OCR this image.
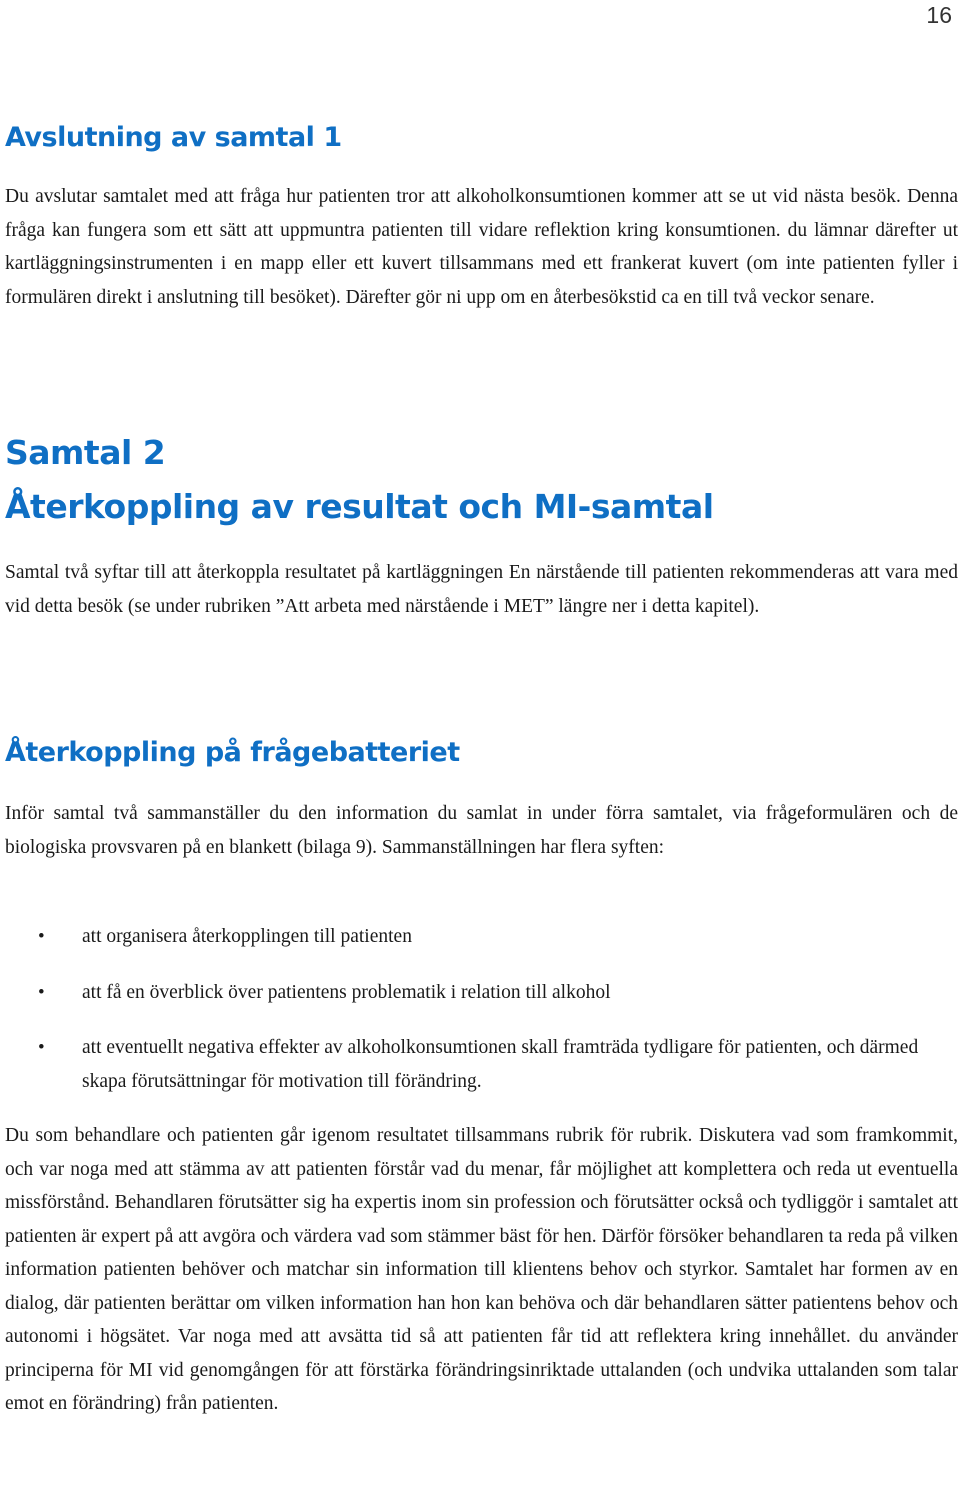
16
Avslutning av samtal 1

Du avslutar samtalet med att fråga hur patienten tror att alkoholkonsumtionen kommer att se ut vid nästa besök. Denna fråga kan fungera som ett sätt att uppmuntra patienten till vidare reflektion kring konsumtionen. du lämnar därefter ut kartläggningsinstrumenten i en mapp eller ett kuvert tillsammans med ett frankerat kuvert (om inte patienten fyller i formulären direkt i anslutning till besöket). Därefter gör ni upp om en återbesökstid ca en till två veckor senare.

Samtal 2
Återkoppling av resultat och MI-samtal

Samtal två syftar till att återkoppla resultatet på kartläggningen En närstående till patienten rekommenderas att vara med vid detta besök (se under rubriken ”Att arbeta med närstående i MET” längre ner i detta kapitel).

Återkoppling på frågebatteriet

Inför samtal två sammanställer du den information du samlat in under förra samtalet, via frågeformulären och de biologiska provsvaren på en blankett (bilaga 9). Sammanställningen har flera syften:

• att organisera återkopplingen till patienten
• att få en överblick över patientens problematik i relation till alkohol
• att eventuellt negativa effekter av alkoholkonsumtionen skall framträda tydligare för patienten, och därmed skapa förutsättningar för motivation till förändring.

Du som behandlare och patienten går igenom resultatet tillsammans rubrik för rubrik. Diskutera vad som framkommit, och var noga med att stämma av att patienten förstår vad du menar, får möjlighet att komplettera och reda ut eventuella missförstånd. Behandlaren förutsätter sig ha expertis inom sin profession och förutsätter också och tydliggör i samtalet att patienten är expert på att avgöra och värdera vad som stämmer bäst för hen. Därför försöker behandlaren ta reda på vilken information patienten behöver och matchar sin information till klientens behov och styrkor. Samtalet har formen av en dialog, där patienten berättar om vilken information han hon kan behöva och där behandlaren sätter patientens behov och autonomi i högsätet. Var noga med att avsätta tid så att patienten får tid att reflektera kring innehållet. du använder principerna för MI vid genomgången för att förstärka förändringsinriktade uttalanden (och undvika uttalanden som talar emot en förändring) från patienten.
